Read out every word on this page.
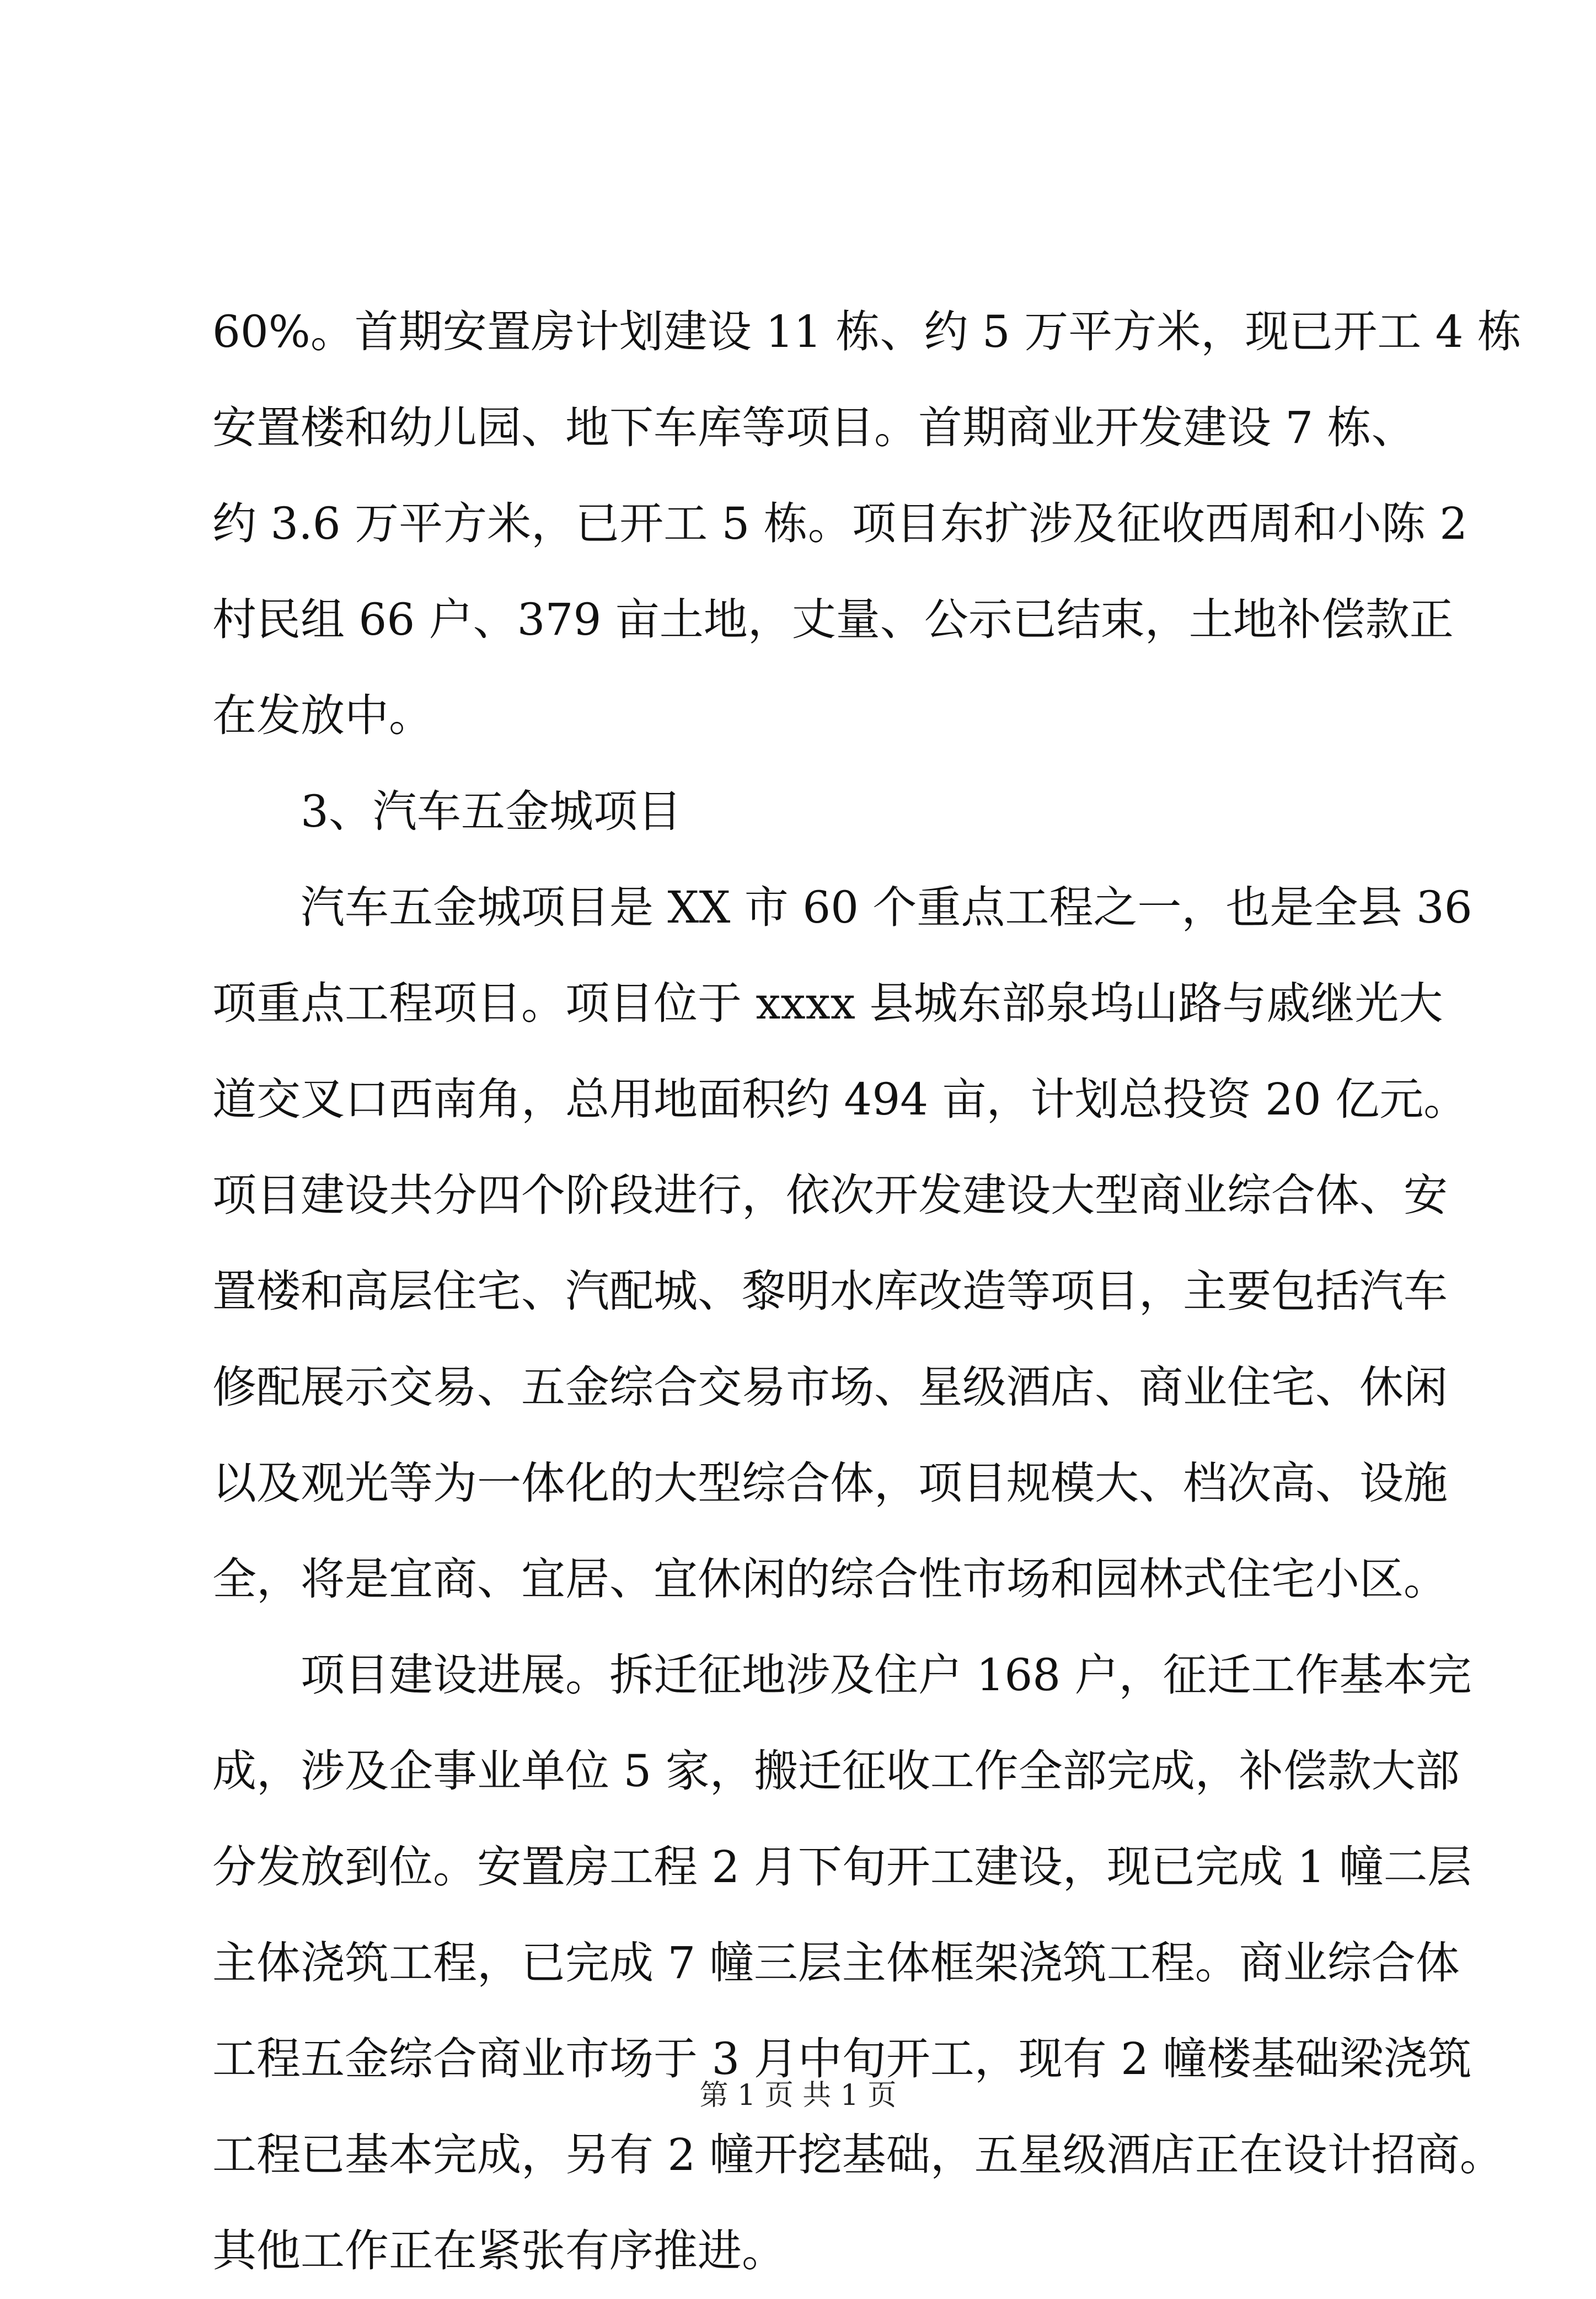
60%。首期安置房计划建设 11 栋、约 5 万平方米，现已开工 4 栋
安置楼和幼儿园、地下车库等项目。首期商业开发建设 7 栋、
约 3.6 万平方米，已开工 5 栋。项目东扩涉及征收西周和小陈 2
村民组 66 户、379 亩土地，丈量、公示已结束，土地补偿款正
在发放中。
3、汽车五金城项目
汽车五金城项目是 XX 市 60 个重点工程之一，也是全县 36
项重点工程项目。项目位于 xxxx 县城东部泉坞山路与戚继光大
道交叉口西南角，总用地面积约 494 亩，计划总投资 20 亿元。
项目建设共分四个阶段进行，依次开发建设大型商业综合体、安
置楼和高层住宅、汽配城、黎明水库改造等项目，主要包括汽车
修配展示交易、五金综合交易市场、星级酒店、商业住宅、休闲
以及观光等为一体化的大型综合体，项目规模大、档次高、设施
全，将是宜商、宜居、宜休闲的综合性市场和园林式住宅小区。
项目建设进展。拆迁征地涉及住户 168 户，征迁工作基本完
成，涉及企事业单位 5 家，搬迁征收工作全部完成，补偿款大部
分发放到位。安置房工程 2 月下旬开工建设，现已完成 1 幢二层
主体浇筑工程，已完成 7 幢三层主体框架浇筑工程。商业综合体
工程五金综合商业市场于 3 月中旬开工，现有 2 幢楼基础梁浇筑
工程已基本完成，另有 2 幢开挖基础，五星级酒店正在设计招商。
其他工作正在紧张有序推进。
第 1 页 共 1 页
